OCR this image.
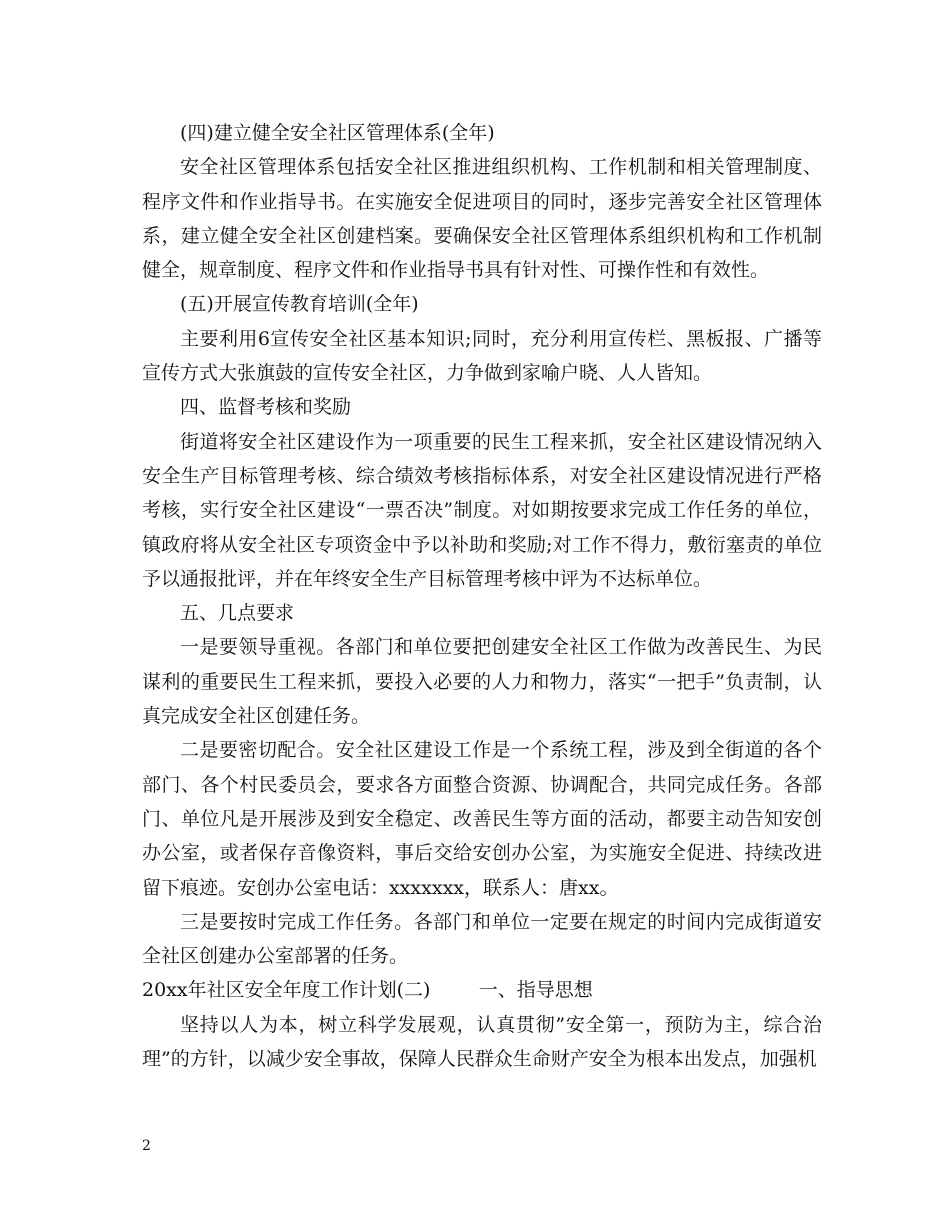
(四)建立健全安全社区管理体系(全年)

安全社区管理体系包括安全社区推进组织机构、工作机制和相关管理制度、程序文件和作业指导书。在实施安全促进项目的同时，逐步完善安全社区管理体系，建立健全安全社区创建档案。要确保安全社区管理体系组织机构和工作机制健全，规章制度、程序文件和作业指导书具有针对性、可操作性和有效性。

(五)开展宣传教育培训(全年)

主要利用6宣传安全社区基本知识;同时，充分利用宣传栏、黑板报、广播等宣传方式大张旗鼓的宣传安全社区，力争做到家喻户晓、人人皆知。

四、监督考核和奖励

街道将安全社区建设作为一项重要的民生工程来抓，安全社区建设情况纳入安全生产目标管理考核、综合绩效考核指标体系，对安全社区建设情况进行严格考核，实行安全社区建设“一票否决”制度。对如期按要求完成工作任务的单位，镇政府将从安全社区专项资金中予以补助和奖励;对工作不得力，敷衍塞责的单位予以通报批评，并在年终安全生产目标管理考核中评为不达标单位。

五、几点要求

一是要领导重视。各部门和单位要把创建安全社区工作做为改善民生、为民谋利的重要民生工程来抓，要投入必要的人力和物力，落实“一把手”负责制，认真完成安全社区创建任务。

二是要密切配合。安全社区建设工作是一个系统工程，涉及到全街道的各个部门、各个村民委员会，要求各方面整合资源、协调配合，共同完成任务。各部门、单位凡是开展涉及到安全稳定、改善民生等方面的活动，都要主动告知安创办公室，或者保存音像资料，事后交给安创办公室，为实施安全促进、持续改进留下痕迹。安创办公室电话：xxxxxxx，联系人：唐xx。

三是要按时完成工作任务。各部门和单位一定要在规定的时间内完成街道安全社区创建办公室部署的任务。

20xx年社区安全年度工作计划(二)        一、指导思想

坚持以人为本，树立科学发展观，认真贯彻”安全第一，预防为主，综合治理”的方针，以减少安全事故，保障人民群众生命财产安全为根本出发点，加强机

2
